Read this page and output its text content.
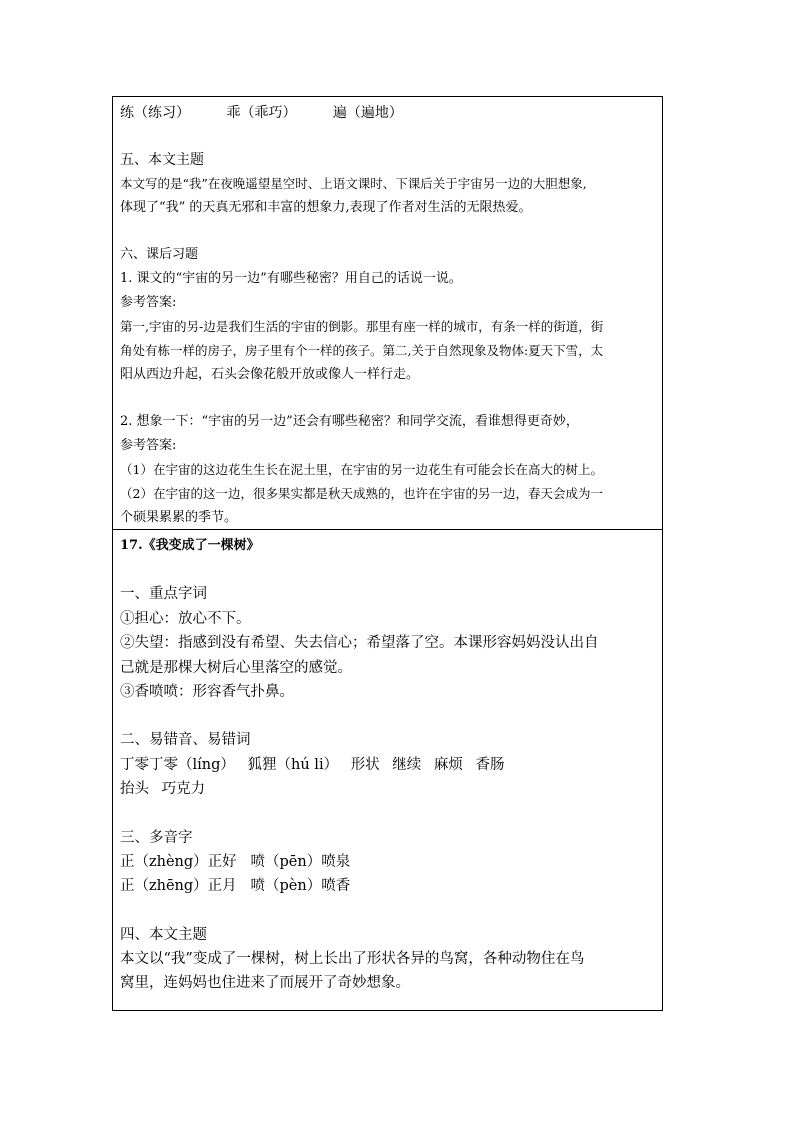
练（练习）	乖（乖巧）	遍（遍地）
五、本文主题
本文写的是“我”在夜晚遥望星空时、上语文课时、下课后关于宇宙另一边的大胆想象,
体现了“我” 的天真无邪和丰富的想象力,表现了作者对生活的无限热爱。
六、课后习题
1. 课文的“宇宙的另一边”有哪些秘密？用自己的话说一说。
参考答案:
第一,宇宙的另-边是我们生活的宇宙的倒影。那里有座一样的城市，有条一样的街道，街
角处有栋一样的房子，房子里有个一样的孩子。第二,关于自然现象及物体:夏天下雪，太
阳从西边升起，石头会像花般开放或像人一样行走。
2. 想象一下：“宇宙的另一边”还会有哪些秘密？和同学交流，看谁想得更奇妙，
参考答案:
（1）在宇宙的这边花生生长在泥土里，在宇宙的另一边花生有可能会长在高大的树上。
（2）在宇宙的这一边，很多果实都是秋天成熟的，也许在宇宙的另一边，春天会成为一
个硕果累累的季节。
17.《我变成了一棵树》
一、重点字词
①担心：放心不下。
②失望：指感到没有希望、失去信心；希望落了空。本课形容妈妈没认出自
己就是那棵大树后心里落空的感觉。
③香喷喷：形容香气扑鼻。
二、易错音、易错词
丁零丁零（líng） 狐狸（hú li） 形状 继续 麻烦 香肠
抬头 巧克力
三、多音字
正（zhèng）正好   喷（pēn）喷泉
正（zhēng）正月   喷（pèn）喷香
四、本文主题
本文以“我”变成了一棵树，树上长出了形状各异的鸟窝，各种动物住在鸟
窝里，连妈妈也住进来了而展开了奇妙想象。
